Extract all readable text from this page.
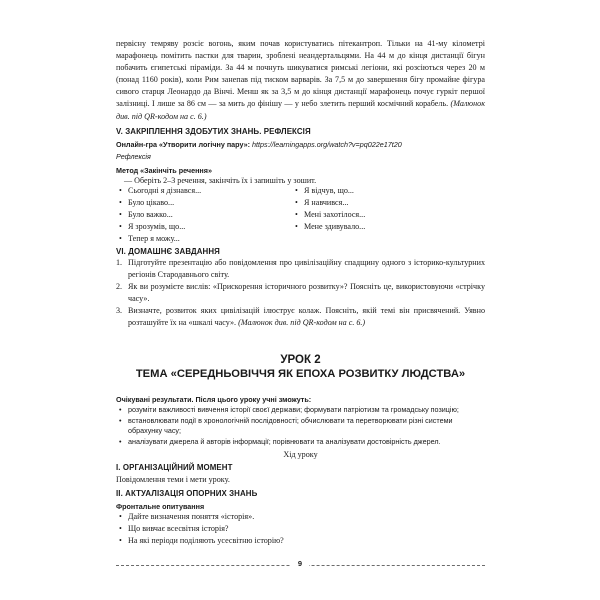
первісну темряву розсіє вогонь, яким почав користуватись пітекантроп. Тільки на 41-му кілометрі марафонець помітить пастки для тварин, зроблені неандертальцями. На 44 м до кінця дистанції бігун побачить єгипетські піраміди. За 44 м почнуть шикуватися римські легіони, які розсіються через 20 м (понад 1160 років), коли Рим занепав під тиском варварів. За 7,5 м до завершення бігу промайне фігура сивого старця Леонардо да Вінчі. Менш як за 3,5 м до кінця дистанції марафонець почує гуркіт першої залізниці. І лише за 86 см — за мить до фінішу — у небо злетить перший космічний корабель. (Малюнок див. під QR-кодом на с. 6.)
V. ЗАКРІПЛЕННЯ ЗДОБУТИХ ЗНАНЬ. РЕФЛЕКСІЯ
Онлайн-гра «Утворити логічну пару»: https://learningapps.org/watch?v=pq022e17t20
Рефлексія
Метод «Закінчіть речення»
— Оберіть 2–3 речення, закінчіть їх і запишіть у зошит.
• Сьогодні я дізнався...
• Було цікаво...
• Було важко...
• Я зрозумів, що...
• Тепер я можу...
• Я відчув, що...
• Я навчився...
• Мені захотілося...
• Мене здивувало...
VI. ДОМАШНЄ ЗАВДАННЯ
1. Підготуйте презентацію або повідомлення про цивілізаційну спадщину одного з історико-культурних регіонів Стародавнього світу.
2. Як ви розумієте вислів: «Прискорення історичного розвитку»? Поясніть це, використовуючи «стрічку часу».
3. Визначте, розвиток яких цивілізацій ілюструє колаж. Поясніть, якій темі він присвячений. Уявно розташуйте їх на «шкалі часу». (Малюнок див. під QR-кодом на с. 6.)
УРОК 2
ТЕМА «СЕРЕДНЬОВІЧЧЯ ЯК ЕПОХА РОЗВИТКУ ЛЮДСТВА»
Очікувані результати. Після цього уроку учні зможуть:
• розуміти важливості вивчення історії своєї держави; формувати патріотизм та громадську позицію;
• встановлювати події в хронологічній послідовності; обчислювати та перетворювати різні системи обрахунку часу;
• аналізувати джерела й авторів інформації; порівнювати та аналізувати достовірність джерел.
Хід уроку
I. ОРГАНІЗАЦІЙНИЙ МОМЕНТ
Повідомлення теми і мети уроку.
II. АКТУАЛІЗАЦІЯ ОПОРНИХ ЗНАНЬ
Фронтальне опитування
• Дайте визначення поняття «історія».
• Що вивчає всесвітня історія?
• На які періоди поділяють усесвітню історію?
9
